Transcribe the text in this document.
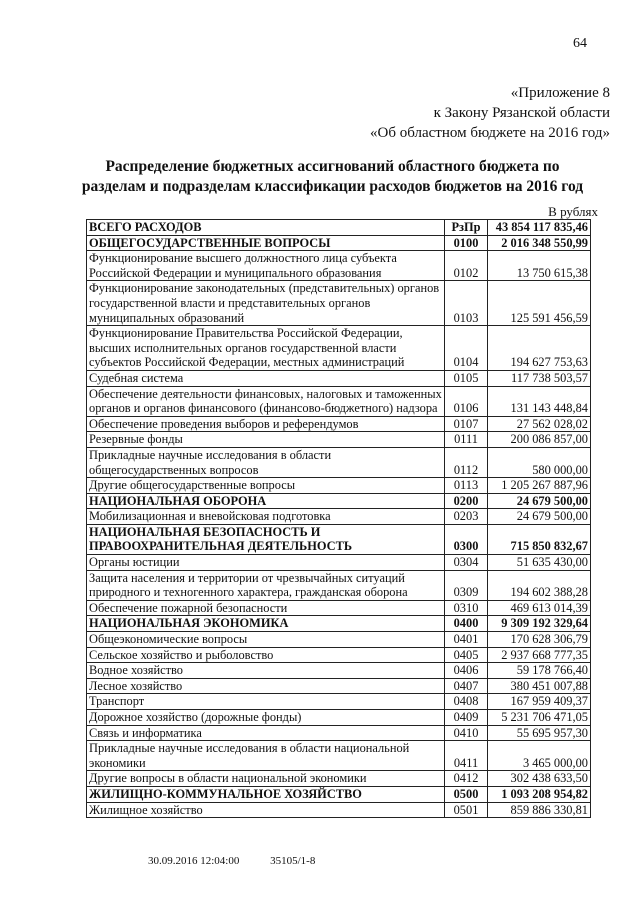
64
«Приложение 8
к Закону Рязанской области
«Об областном бюджете на 2016 год»
Распределение бюджетных ассигнований областного бюджета по
разделам и подразделам классификации расходов бюджетов на 2016 год
В рублях
ВСЕГО РАСХОДОВ	РзПр	43 854 117 835,46
ОБЩЕГОСУДАРСТВЕННЫЕ ВОПРОСЫ	0100	2 016 348 550,99
Функционирование высшего должностного лица субъекта Российской Федерации и муниципального образования	0102	13 750 615,38
Функционирование законодательных (представительных) органов государственной власти и представительных органов муниципальных образований	0103	125 591 456,59
Функционирование Правительства Российской Федерации, высших исполнительных органов государственной власти субъектов Российской Федерации, местных администраций	0104	194 627 753,63
Судебная система	0105	117 738 503,57
Обеспечение деятельности финансовых, налоговых и таможенных органов и органов финансового (финансово-бюджетного) надзора	0106	131 143 448,84
Обеспечение проведения выборов и референдумов	0107	27 562 028,02
Резервные фонды	0111	200 086 857,00
Прикладные научные исследования в области общегосударственных вопросов	0112	580 000,00
Другие общегосударственные вопросы	0113	1 205 267 887,96
НАЦИОНАЛЬНАЯ ОБОРОНА	0200	24 679 500,00
Мобилизационная и вневойсковая подготовка	0203	24 679 500,00
НАЦИОНАЛЬНАЯ БЕЗОПАСНОСТЬ И ПРАВООХРАНИТЕЛЬНАЯ ДЕЯТЕЛЬНОСТЬ	0300	715 850 832,67
Органы юстиции	0304	51 635 430,00
Защита населения и территории от чрезвычайных ситуаций природного и техногенного характера, гражданская оборона	0309	194 602 388,28
Обеспечение пожарной безопасности	0310	469 613 014,39
НАЦИОНАЛЬНАЯ ЭКОНОМИКА	0400	9 309 192 329,64
Общеэкономические вопросы	0401	170 628 306,79
Сельское хозяйство и рыболовство	0405	2 937 668 777,35
Водное хозяйство	0406	59 178 766,40
Лесное хозяйство	0407	380 451 007,88
Транспорт	0408	167 959 409,37
Дорожное хозяйство (дорожные фонды)	0409	5 231 706 471,05
Связь и информатика	0410	55 695 957,30
Прикладные научные исследования в области национальной экономики	0411	3 465 000,00
Другие вопросы в области национальной экономики	0412	302 438 633,50
ЖИЛИЩНО-КОММУНАЛЬНОЕ ХОЗЯЙСТВО	0500	1 093 208 954,82
Жилищное хозяйство	0501	859 886 330,81
30.09.2016 12:04:00	35105/1-8
